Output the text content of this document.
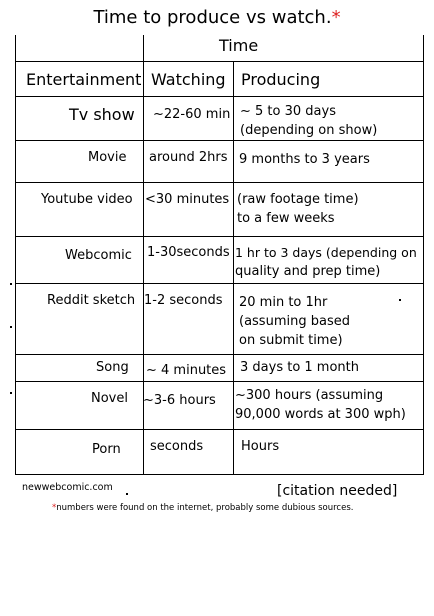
Time to produce vs watch.*
Time
Entertainment Watching Producing
Tv show ~22-60 min ~ 5 to 30 days
(depending on show)
Movie around 2hrs 9 months to 3 years
Youtube video <30 minutes (raw footage time)
to a few weeks
Webcomic 1-30seconds 1 hr to 3 days (depending on
quality and prep time)
Reddit sketch 1-2 seconds 20 min to 1hr
(assuming based
on submit time)
Song ~ 4 minutes 3 days to 1 month
Novel ~3-6 hours ~300 hours (assuming
90,000 words at 300 wph)
Porn seconds	Hours
newwebcomic.com	[citation needed]
*numbers were found on the internet, probably some dubious sources.
